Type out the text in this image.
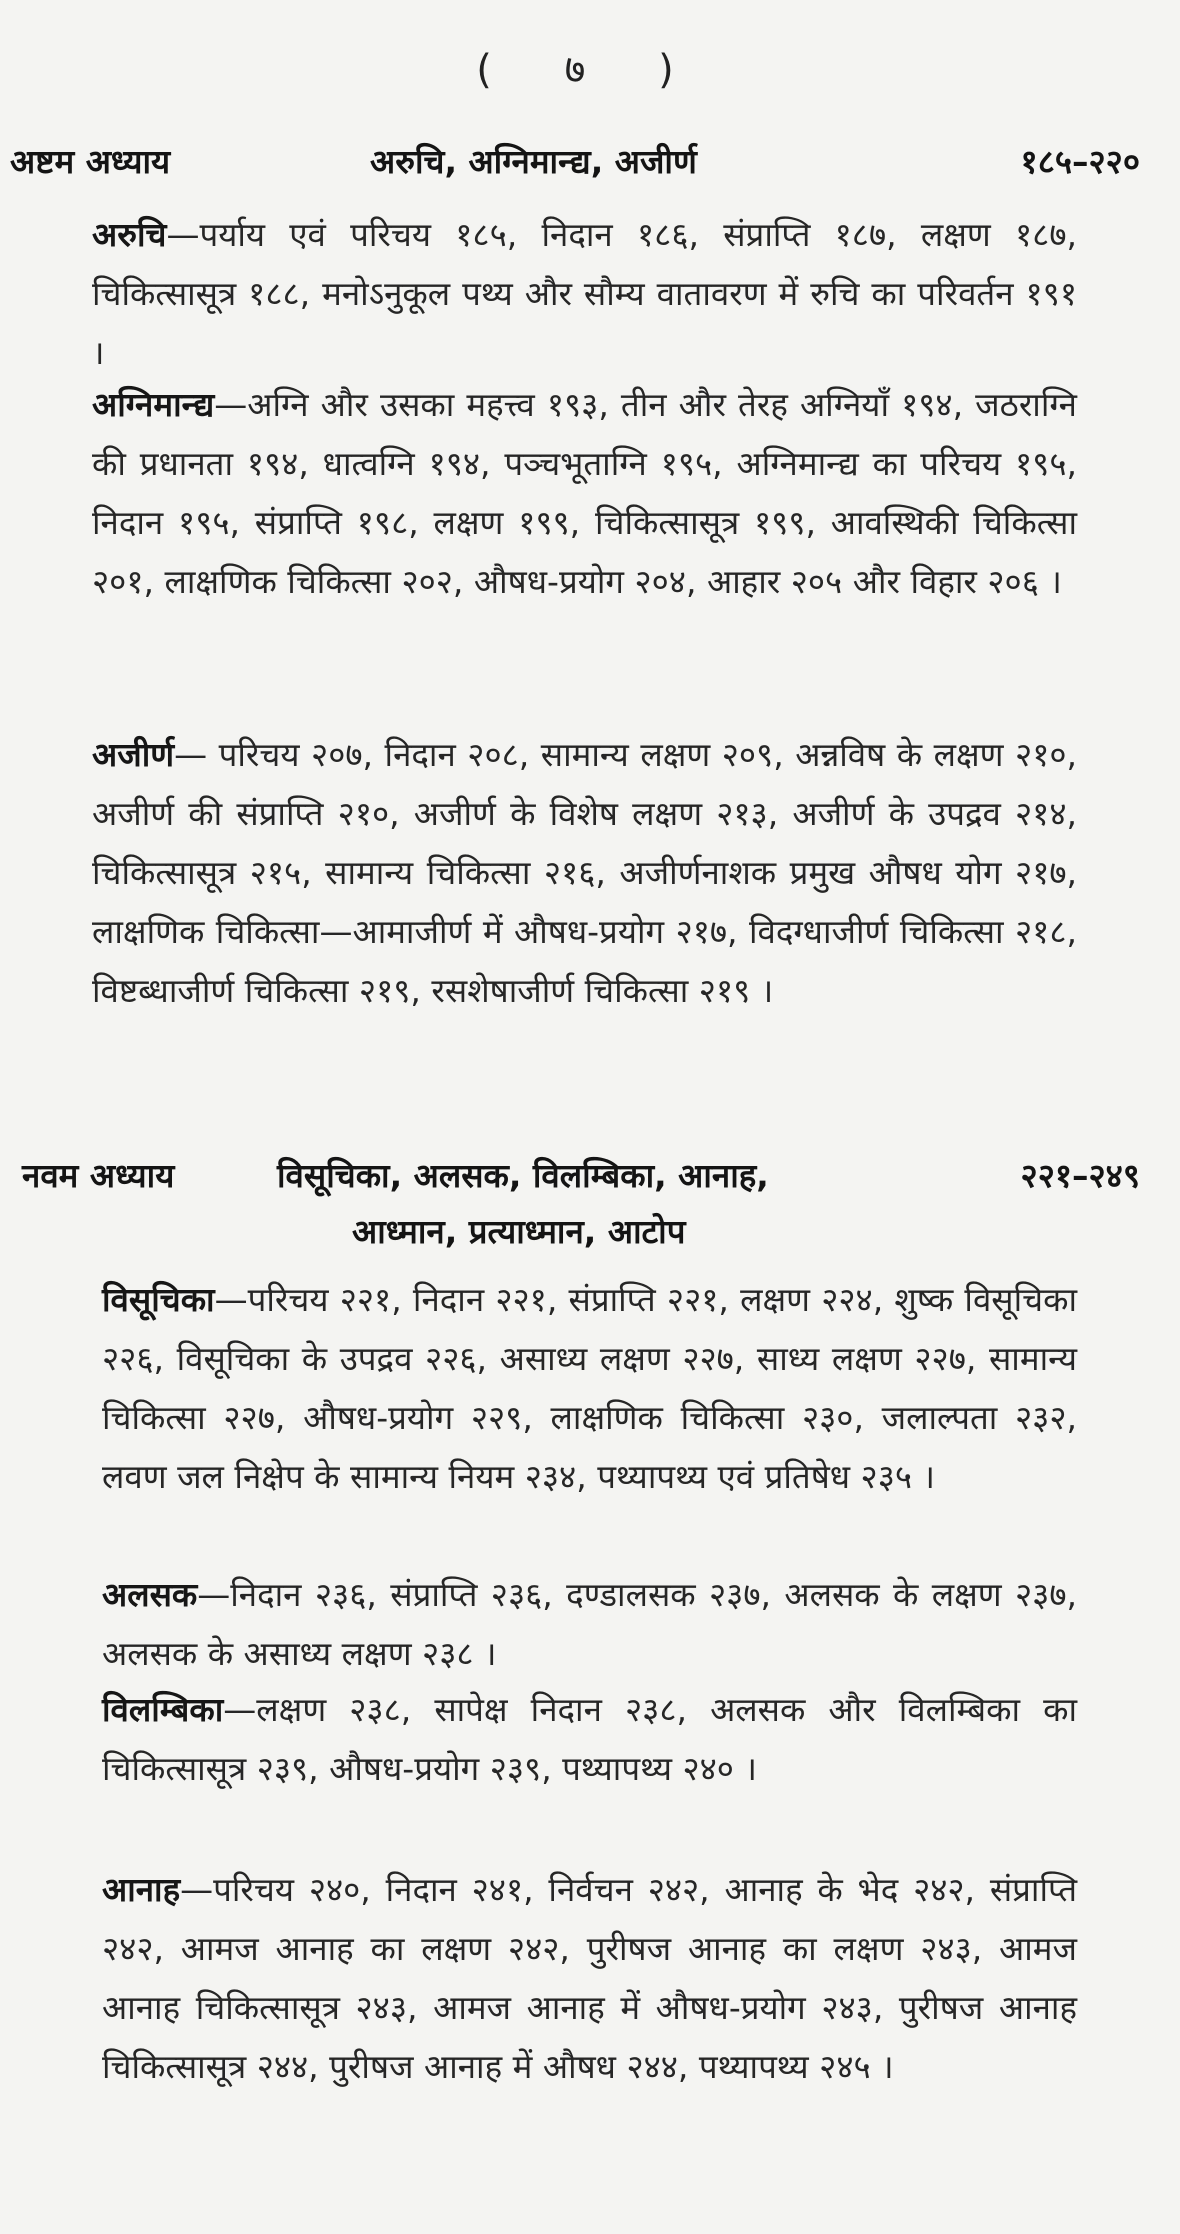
( ७ )
अष्टम अध्याय	अरुचि, अग्निमान्द्य, अजीर्ण	१८५–२२०
अरुचि—पर्याय एवं परिचय १८५, निदान १८६, संप्राप्ति १८७, लक्षण १८७, चिकित्सासूत्र १८८, मनोऽनुकूल पथ्य और सौम्य वातावरण में रुचि का परिवर्तन १९१ ।
अग्निमान्द्य—अग्नि और उसका महत्त्व १९३, तीन और तेरह अग्नियाँ १९४, जठराग्नि की प्रधानता १९४, धात्वग्नि १९४, पञ्चभूताग्नि १९५, अग्निमान्द्य का परिचय १९५, निदान १९५, संप्राप्ति १९८, लक्षण १९९, चिकित्सासूत्र १९९, आवस्थिकी चिकित्सा २०१, लाक्षणिक चिकित्सा २०२, औषध-प्रयोग २०४, आहार २०५ और विहार २०६ ।
अजीर्ण— परिचय २०७, निदान २०८, सामान्य लक्षण २०९, अन्नविष के लक्षण २१०, अजीर्ण की संप्राप्ति २१०, अजीर्ण के विशेष लक्षण २१३, अजीर्ण के उपद्रव २१४, चिकित्सासूत्र २१५, सामान्य चिकित्सा २१६, अजीर्णनाशक प्रमुख औषध योग २१७, लाक्षणिक चिकित्सा—आमाजीर्ण में औषध-प्रयोग २१७, विदग्धाजीर्ण चिकित्सा २१८, विष्टब्धाजीर्ण चिकित्सा २१९, रसशेषाजीर्ण चिकित्सा २१९ ।
नवम अध्याय	विसूचिका, अलसक, विलम्बिका, आनाह,	२२१–२४९
आध्मान, प्रत्याध्मान, आटोप
विसूचिका—परिचय २२१, निदान २२१, संप्राप्ति २२१, लक्षण २२४, शुष्क विसूचिका २२६, विसूचिका के उपद्रव २२६, असाध्य लक्षण २२७, साध्य लक्षण २२७, सामान्य चिकित्सा २२७, औषध-प्रयोग २२९, लाक्षणिक चिकित्सा २३०, जलाल्पता २३२, लवण जल निक्षेप के सामान्य नियम २३४, पथ्यापथ्य एवं प्रतिषेध २३५ ।
अलसक—निदान २३६, संप्राप्ति २३६, दण्डालसक २३७, अलसक के लक्षण २३७, अलसक के असाध्य लक्षण २३८ ।
विलम्बिका—लक्षण २३८, सापेक्ष निदान २३८, अलसक और विलम्बिका का चिकित्सासूत्र २३९, औषध-प्रयोग २३९, पथ्यापथ्य २४० ।
आनाह—परिचय २४०, निदान २४१, निर्वचन २४२, आनाह के भेद २४२, संप्राप्ति २४२, आमज आनाह का लक्षण २४२, पुरीषज आनाह का लक्षण २४३, आमज आनाह चिकित्सासूत्र २४३, आमज आनाह में औषध-प्रयोग २४३, पुरीषज आनाह चिकित्सासूत्र २४४, पुरीषज आनाह में औषध २४४, पथ्यापथ्य २४५ ।
